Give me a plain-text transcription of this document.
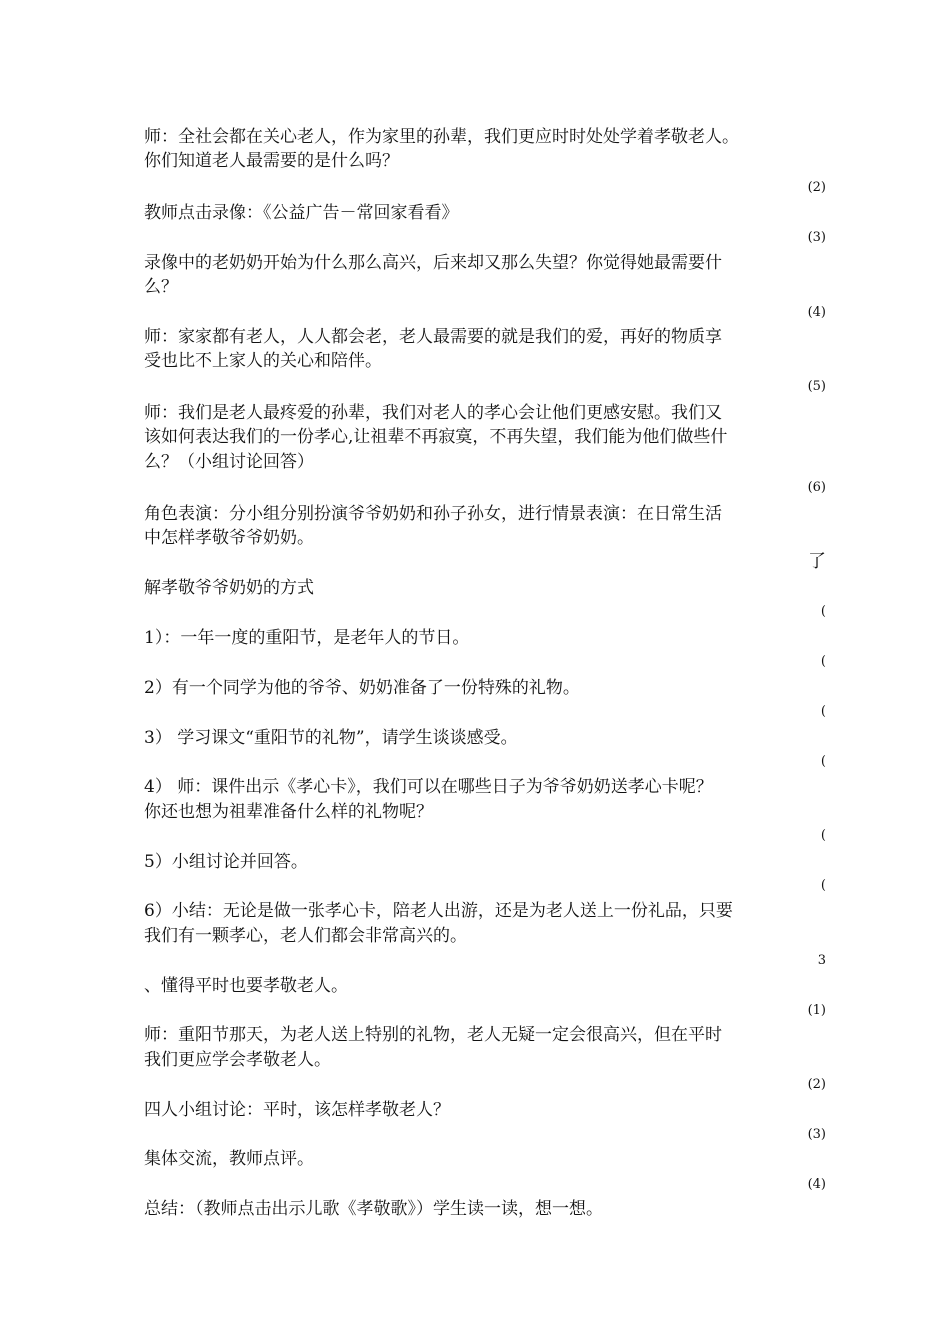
师：全社会都在关心老人，作为家里的孙辈，我们更应时时处处学着孝敬老人。
你们知道老人最需要的是什么吗？
(2)
教师点击录像：《公益广告－常回家看看》
(3)
录像中的老奶奶开始为什么那么高兴，后来却又那么失望？你觉得她最需要什
么？
(4)
师：家家都有老人，人人都会老，老人最需要的就是我们的爱，再好的物质享
受也比不上家人的关心和陪伴。
(5)
师：我们是老人最疼爱的孙辈，我们对老人的孝心会让他们更感安慰。我们又
该如何表达我们的一份孝心,让祖辈不再寂寞，不再失望，我们能为他们做些什
么？（小组讨论回答）
(6)
角色表演：分小组分别扮演爷爷奶奶和孙子孙女，进行情景表演：在日常生活
中怎样孝敬爷爷奶奶。
了
解孝敬爷爷奶奶的方式
(
1）：一年一度的重阳节，是老年人的节日。
(
2）有一个同学为他的爷爷、奶奶准备了一份特殊的礼物。
(
3） 学习课文“重阳节的礼物”，请学生谈谈感受。
(
4） 师：课件出示《孝心卡》，我们可以在哪些日子为爷爷奶奶送孝心卡呢？
你还也想为祖辈准备什么样的礼物呢？
(
5）小组讨论并回答。
(
6）小结：无论是做一张孝心卡，陪老人出游，还是为老人送上一份礼品，只要
我们有一颗孝心，老人们都会非常高兴的。
3
、懂得平时也要孝敬老人。
(1)
师：重阳节那天，为老人送上特别的礼物，老人无疑一定会很高兴，但在平时
我们更应学会孝敬老人。
(2)
四人小组讨论：平时，该怎样孝敬老人？
(3)
集体交流，教师点评。
(4)
总结：（教师点击出示儿歌《孝敬歌》）学生读一读，想一想。
